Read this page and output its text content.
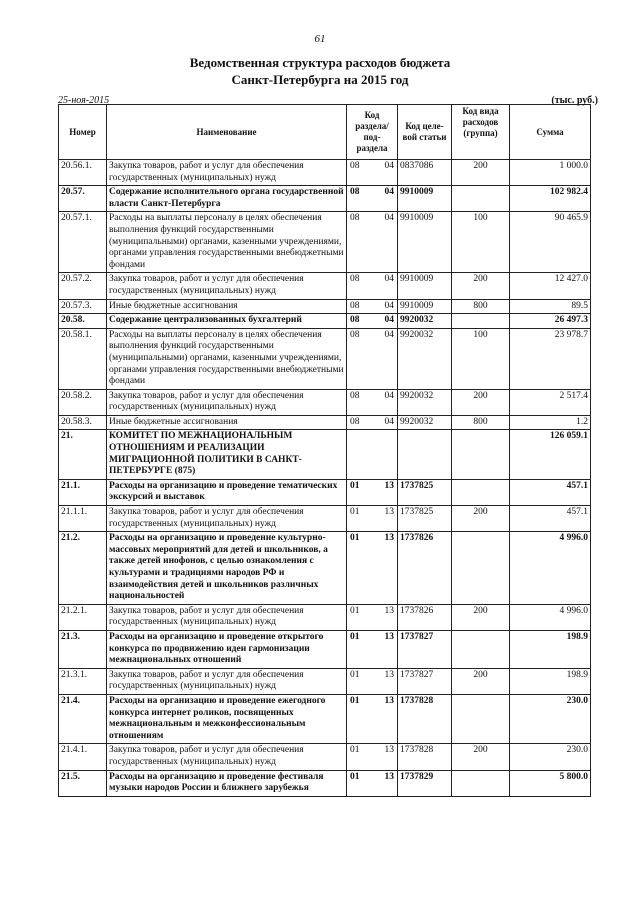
61
Ведомственная структура расходов бюджета
Санкт-Петербурга на 2015 год
25-ноя-2015	(тыс. руб.)
Номер	Наименование	Код раздела/ под- раздела	Код целе- вой статьи	Код вида расходов (группа)	Сумма
20.56.1.	Закупка товаров, работ и услуг для обеспечения государственных (муниципальных) нужд	08 04	0837086	200	1 000.0
20.57.	Содержание исполнительного органа государственной власти Санкт-Петербурга	08 04	9910009		102 982.4
20.57.1.	Расходы на выплаты персоналу в целях обеспечения выполнения функций государственными (муниципальными) органами, казенными учреждениями, органами управления государственными внебюджетными фондами	08 04	9910009	100	90 465.9
20.57.2.	Закупка товаров, работ и услуг для обеспечения государственных (муниципальных) нужд	08 04	9910009	200	12 427.0
20.57.3.	Иные бюджетные ассигнования	08 04	9910009	800	89.5
20.58.	Содержание централизованных бухгалтерий	08 04	9920032		26 497.3
20.58.1.	Расходы на выплаты персоналу в целях обеспечения выполнения функций государственными (муниципальными) органами, казенными учреждениями, органами управления государственными внебюджетными фондами	08 04	9920032	100	23 978.7
20.58.2.	Закупка товаров, работ и услуг для обеспечения государственных (муниципальных) нужд	08 04	9920032	200	2 517.4
20.58.3.	Иные бюджетные ассигнования	08 04	9920032	800	1.2
21.	КОМИТЕТ ПО МЕЖНАЦИОНАЛЬНЫМ ОТНОШЕНИЯМ И РЕАЛИЗАЦИИ МИГРАЦИОННОЙ ПОЛИТИКИ В САНКТ-ПЕТЕРБУРГЕ (875)				126 059.1
21.1.	Расходы на организацию и проведение тематических экскурсий и выставок	01 13	1737825		457.1
21.1.1.	Закупка товаров, работ и услуг для обеспечения государственных (муниципальных) нужд	01 13	1737825	200	457.1
21.2.	Расходы на организацию и проведение культурно-массовых мероприятий для детей и школьников, а также детей инофонов, с целью ознакомления с культурами и традициями народов РФ и взаимодействия детей и школьников различных национальностей	01 13	1737826		4 996.0
21.2.1.	Закупка товаров, работ и услуг для обеспечения государственных (муниципальных) нужд	01 13	1737826	200	4 996.0
21.3.	Расходы на организацию и проведение открытого конкурса по продвижению идеи гармонизации межнациональных отношений	01 13	1737827		198.9
21.3.1.	Закупка товаров, работ и услуг для обеспечения государственных (муниципальных) нужд	01 13	1737827	200	198.9
21.4.	Расходы на организацию и проведение ежегодного конкурса интернет роликов, посвященных межнациональным и межконфессиональным отношениям	01 13	1737828		230.0
21.4.1.	Закупка товаров, работ и услуг для обеспечения государственных (муниципальных) нужд	01 13	1737828	200	230.0
21.5.	Расходы на организацию и проведение фестиваля музыки народов России и ближнего зарубежья	01 13	1737829		5 800.0
